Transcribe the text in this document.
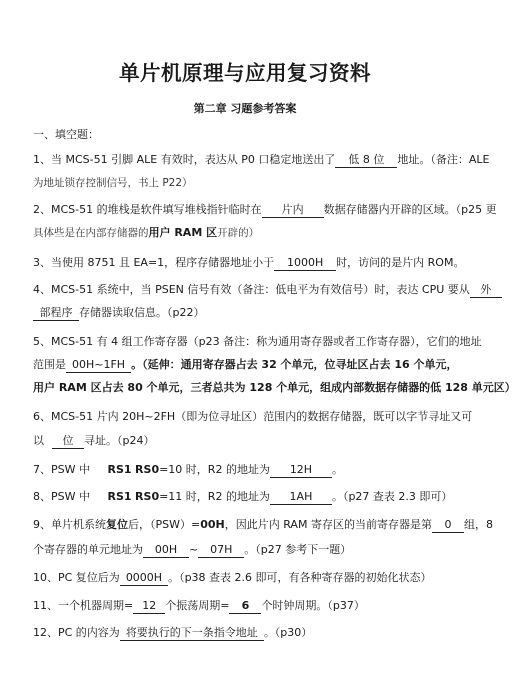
单片机原理与应用复习资料
第二章 习题参考答案
一、填空题：
1、当 MCS-51 引脚 ALE 有效时，表达从 P0 口稳定地送出了 低 8 位 地址。（备注：ALE
为地址锁存控制信号，书上 P22）
2、MCS-51 的堆栈是软件填写堆栈指针临时在 片内 数据存储器内开辟的区域。（p25 更
具体些是在内部存储器的用户 RAM 区开辟的）
3、当使用 8751 且 EA=1，程序存储器地址小于 1000H 时，访问的是片内 ROM。
4、MCS-51 系统中，当 PSEN 信号有效（备注：低电平为有效信号）时，表达 CPU 要从 外
部程序 存储器读取信息。（p22）
5、MCS-51 有 4 组工作寄存器（p23 备注：称为通用寄存器或者工作寄存器），它们的地址
范围是 00H~1FH 。（延伸：通用寄存器占去 32 个单元，位寻址区占去 16 个单元，
用户 RAM 区占去 80 个单元，三者总共为 128 个单元，组成内部数据存储器的低 128 单元区）
6、MCS-51 片内 20H~2FH（即为位寻址区）范围内的数据存储器，既可以字节寻址又可
以 位 寻址。（p24）
7、PSW 中 RS1 RS0=10 时，R2 的地址为 12H 。
8、PSW 中 RS1 RS0=11 时，R2 的地址为 1AH 。（p27 查表 2.3 即可）
9、单片机系统复位后，（PSW）=00H，因此片内 RAM 寄存区的当前寄存器是第 0 组，8
个寄存器的单元地址为 00H ~ 07H 。（p27 参考下一题）
10、PC 复位后为 0000H 。（p38 查表 2.6 即可，有各种寄存器的初始化状态）
11、一个机器周期= 12 个振荡周期= 6 个时钟周期。（p37）
12、PC 的内容为 将要执行的下一条指令地址 。（p30）
